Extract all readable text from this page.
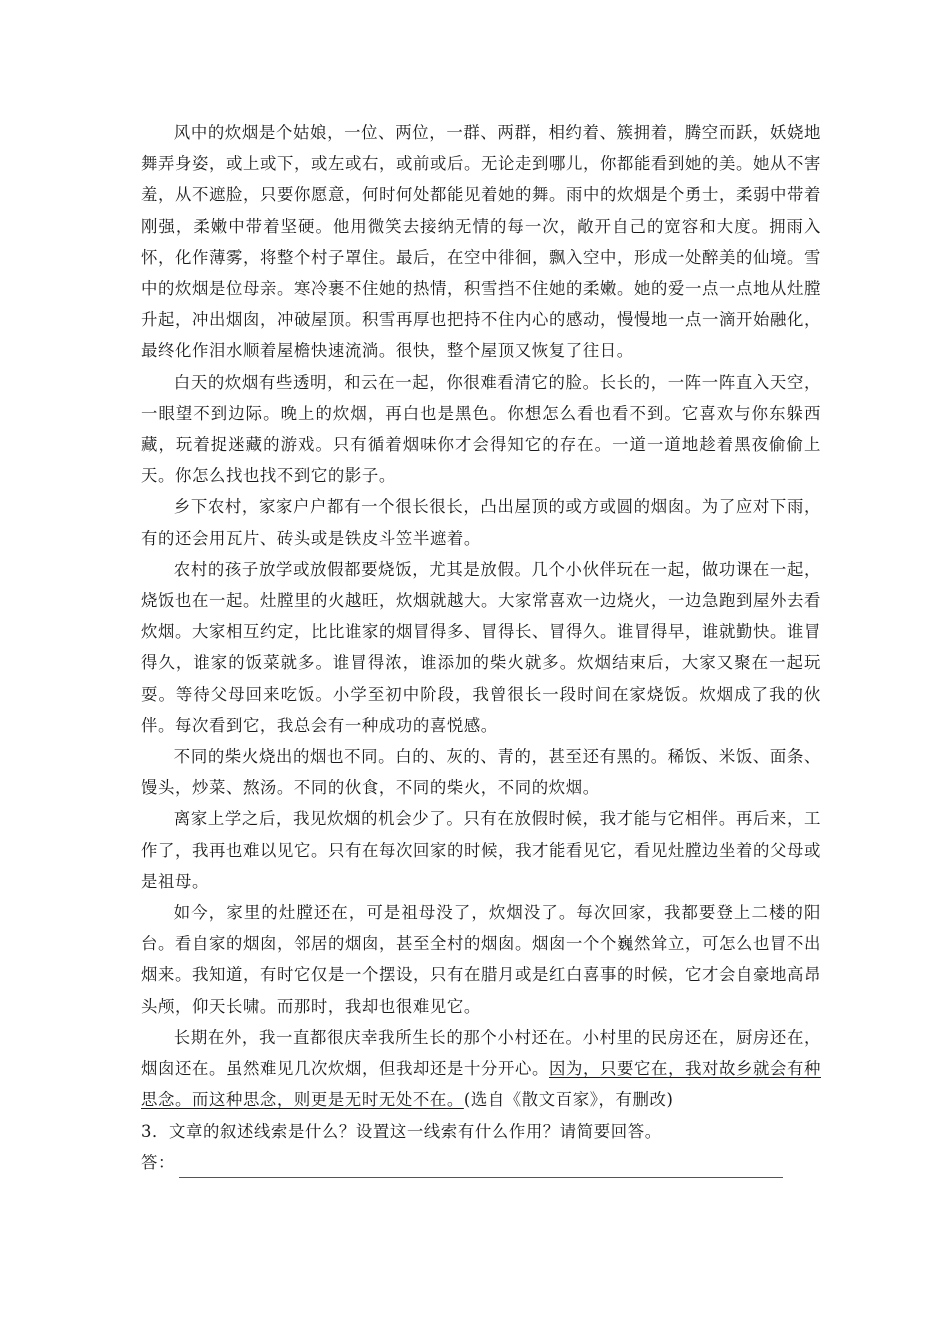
风中的炊烟是个姑娘，一位、两位，一群、两群，相约着、簇拥着，腾空而跃，妖娆地舞弄身姿，或上或下，或左或右，或前或后。无论走到哪儿，你都能看到她的美。她从不害羞，从不遮脸，只要你愿意，何时何处都能见着她的舞。雨中的炊烟是个勇士，柔弱中带着刚强，柔嫩中带着坚硬。他用微笑去接纳无情的每一次，敞开自己的宽容和大度。拥雨入怀，化作薄雾，将整个村子罩住。最后，在空中徘徊，飘入空中，形成一处醉美的仙境。雪中的炊烟是位母亲。寒冷裹不住她的热情，积雪挡不住她的柔嫩。她的爱一点一点地从灶膛升起，冲出烟囱，冲破屋顶。积雪再厚也把持不住内心的感动，慢慢地一点一滴开始融化，最终化作泪水顺着屋檐快速流淌。很快，整个屋顶又恢复了往日。

白天的炊烟有些透明，和云在一起，你很难看清它的脸。长长的，一阵一阵直入天空，一眼望不到边际。晚上的炊烟，再白也是黑色。你想怎么看也看不到。它喜欢与你东躲西藏，玩着捉迷藏的游戏。只有循着烟味你才会得知它的存在。一道一道地趁着黑夜偷偷上天。你怎么找也找不到它的影子。

乡下农村，家家户户都有一个很长很长，凸出屋顶的或方或圆的烟囱。为了应对下雨，有的还会用瓦片、砖头或是铁皮斗笠半遮着。

农村的孩子放学或放假都要烧饭，尤其是放假。几个小伙伴玩在一起，做功课在一起，烧饭也在一起。灶膛里的火越旺，炊烟就越大。大家常喜欢一边烧火，一边急跑到屋外去看炊烟。大家相互约定，比比谁家的烟冒得多、冒得长、冒得久。谁冒得早，谁就勤快。谁冒得久，谁家的饭菜就多。谁冒得浓，谁添加的柴火就多。炊烟结束后，大家又聚在一起玩耍。等待父母回来吃饭。小学至初中阶段，我曾很长一段时间在家烧饭。炊烟成了我的伙伴。每次看到它，我总会有一种成功的喜悦感。

不同的柴火烧出的烟也不同。白的、灰的、青的，甚至还有黑的。稀饭、米饭、面条、馒头，炒菜、熬汤。不同的伙食，不同的柴火，不同的炊烟。

离家上学之后，我见炊烟的机会少了。只有在放假时候，我才能与它相伴。再后来，工作了，我再也难以见它。只有在每次回家的时候，我才能看见它，看见灶膛边坐着的父母或是祖母。

如今，家里的灶膛还在，可是祖母没了，炊烟没了。每次回家，我都要登上二楼的阳台。看自家的烟囱，邻居的烟囱，甚至全村的烟囱。烟囱一个个巍然耸立，可怎么也冒不出烟来。我知道，有时它仅是一个摆设，只有在腊月或是红白喜事的时候，它才会自豪地高昂头颅，仰天长啸。而那时，我却也很难见它。

长期在外，我一直都很庆幸我所生长的那个小村还在。小村里的民房还在，厨房还在，烟囱还在。虽然难见几次炊烟，但我却还是十分开心。因为，只要它在，我对故乡就会有种思念。而这种思念，则更是无时无处不在。(选自《散文百家》，有删改)

3．文章的叙述线索是什么？设置这一线索有什么作用？请简要回答。

答：
